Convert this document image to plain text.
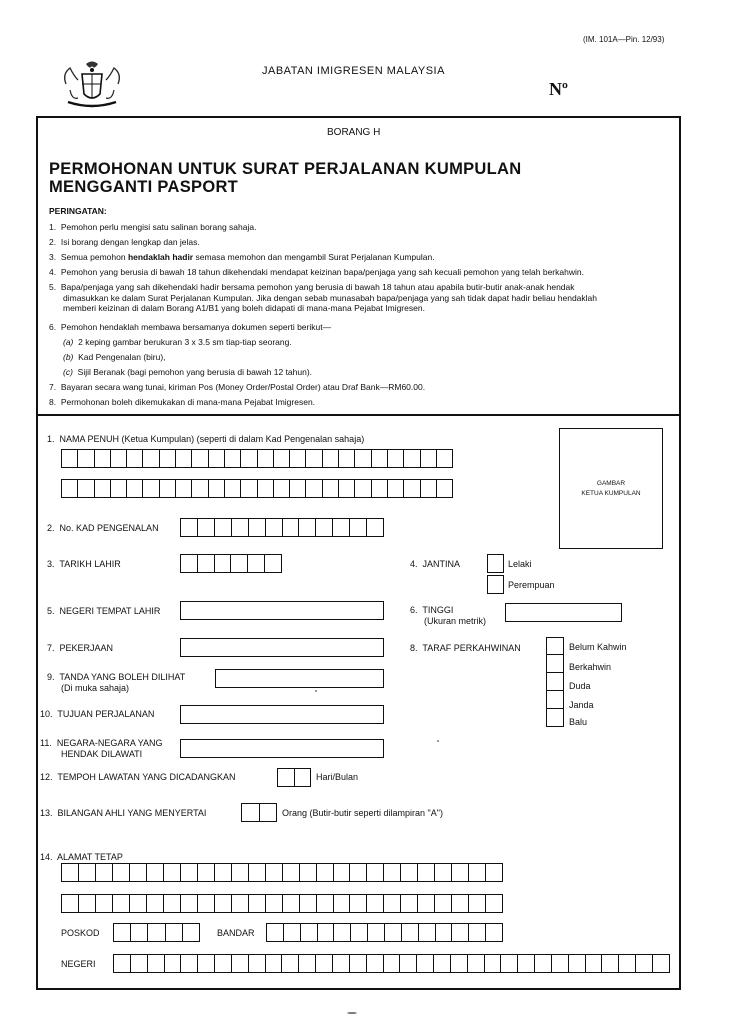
(IM. 101A—Pin. 12/93)
JABATAN IMIGRESEN MALAYSIA
Nº
BORANG H
PERMOHONAN UNTUK SURAT PERJALANAN KUMPULAN
MENGGANTI PASPORT
PERINGATAN:
1. Pemohon perlu mengisi satu salinan borang sahaja.
2. Isi borang dengan lengkap dan jelas.
3. Semua pemohon hendaklah hadir semasa memohon dan mengambil Surat Perjalanan Kumpulan.
4. Pemohon yang berusia di bawah 18 tahun dikehendaki mendapat keizinan bapa/penjaga yang sah kecuali pemohon yang telah berkahwin.
5. Bapa/penjaga yang sah dikehendaki hadir bersama pemohon yang berusia di bawah 18 tahun atau apabila butir-butir anak-anak hendak
dimasukkan ke dalam Surat Perjalanan Kumpulan. Jika dengan sebab munasabah bapa/penjaga yang sah tidak dapat hadir beliau hendaklah
memberi keizinan di dalam Borang A1/B1 yang boleh didapati di mana-mana Pejabat Imigresen.
6. Pemohon hendaklah membawa bersamanya dokumen seperti berikut—
(a) 2 keping gambar berukuran 3 x 3.5 sm tiap-tiap seorang.
(b) Kad Pengenalan (biru),
(c) Sijil Beranak (bagi pemohon yang berusia di bawah 12 tahun).
7. Bayaran secara wang tunai, kiriman Pos (Money Order/Postal Order) atau Draf Bank—RM60.00.
8. Permohonan boleh dikemukakan di mana-mana Pejabat Imigresen.
GAMBAR
KETUA KUMPULAN
1. NAMA PENUH (Ketua Kumpulan) (seperti di dalam Kad Pengenalan sahaja)
2. No. KAD PENGENALAN
3. TARIKH LAHIR	4. JANTINA	Lelaki
Perempuan
5. NEGERI TEMPAT LAHIR	6. TINGGI
(Ukuran metrik)
7. PEKERJAAN	8. TARAF PERKAHWINAN	Belum Kahwin
Berkahwin
Duda
Janda
Balu
9. TANDA YANG BOLEH DILIHAT
(Di muka sahaja)
10. TUJUAN PERJALANAN
11. NEGARA-NEGARA YANG
HENDAK DILAWATI
12. TEMPOH LAWATAN YANG DICADANGKAN	Hari/Bulan
13. BILANGAN AHLI YANG MENYERTAI	Orang (Butir-butir seperti dilampiran "A")
14. ALAMAT TETAP
POSKOD	BANDAR
NEGERI
